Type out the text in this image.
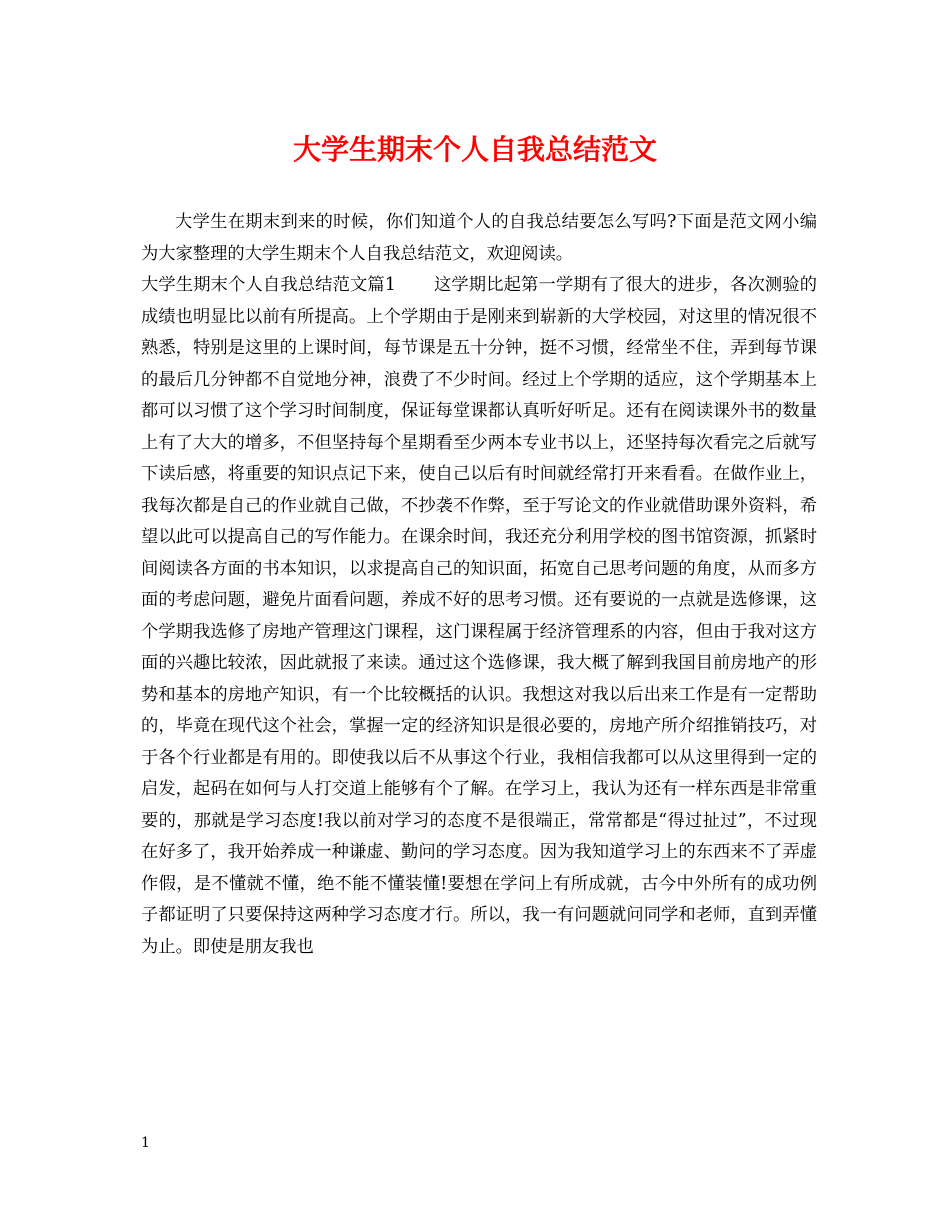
大学生期末个人自我总结范文

大学生在期末到来的时候，你们知道个人的自我总结要怎么写吗?下面是范文网小编为大家整理的大学生期末个人自我总结范文，欢迎阅读。

大学生期末个人自我总结范文篇1 这学期比起第一学期有了很大的进步，各次测验的成绩也明显比以前有所提高。上个学期由于是刚来到崭新的大学校园，对这里的情况很不熟悉，特别是这里的上课时间，每节课是五十分钟，挺不习惯，经常坐不住，弄到每节课的最后几分钟都不自觉地分神，浪费了不少时间。经过上个学期的适应，这个学期基本上都可以习惯了这个学习时间制度，保证每堂课都认真听好听足。还有在阅读课外书的数量上有了大大的增多，不但坚持每个星期看至少两本专业书以上，还坚持每次看完之后就写下读后感，将重要的知识点记下来，使自己以后有时间就经常打开来看看。在做作业上，我每次都是自己的作业就自己做，不抄袭不作弊，至于写论文的作业就借助课外资料，希望以此可以提高自己的写作能力。在课余时间，我还充分利用学校的图书馆资源，抓紧时间阅读各方面的书本知识，以求提高自己的知识面，拓宽自己思考问题的角度，从而多方面的考虑问题，避免片面看问题，养成不好的思考习惯。还有要说的一点就是选修课，这个学期我选修了房地产管理这门课程，这门课程属于经济管理系的内容，但由于我对这方面的兴趣比较浓，因此就报了来读。通过这个选修课，我大概了解到我国目前房地产的形势和基本的房地产知识，有一个比较概括的认识。我想这对我以后出来工作是有一定帮助的，毕竟在现代这个社会，掌握一定的经济知识是很必要的，房地产所介绍推销技巧，对于各个行业都是有用的。即使我以后不从事这个行业，我相信我都可以从这里得到一定的启发，起码在如何与人打交道上能够有个了解。在学习上，我认为还有一样东西是非常重要的，那就是学习态度!我以前对学习的态度不是很端正，常常都是“得过扯过”，不过现在好多了，我开始养成一种谦虚、勤问的学习态度。因为我知道学习上的东西来不了弄虚作假，是不懂就不懂，绝不能不懂装懂!要想在学问上有所成就，古今中外所有的成功例子都证明了只要保持这两种学习态度才行。所以，我一有问题就问同学和老师，直到弄懂为止。即使是朋友我也

1
